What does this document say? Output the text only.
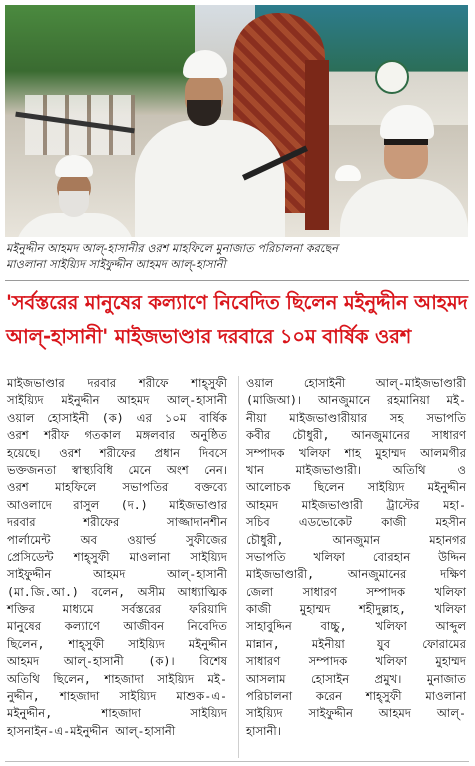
মইনুদ্দীন আহমদ আল্-হাসানীর ওরশ মাহফিলে মুনাজাত পরিচালনা করছেন
মাওলানা সাইয়্যিদ সাইফুদ্দীন আহমদ আল্-হাসানী
'সর্বস্তরের মানুষের কল্যাণে নিবেদিত ছিলেন মইনুদ্দীন আহমদ
আল্-হাসানী' মাইজভাণ্ডার দরবারে ১০ম বার্ষিক ওরশ
মাইজভাণ্ডার দরবার শরীফে শাহ্‌সুফী
সাইয়্যিদ মইনুদ্দীন আহমদ আল্-হাসানী
ওয়াল হোসাইনী (ক) এর ১০ম বার্ষিক
ওরশ শরীফ গতকাল মঙ্গলবার অনুষ্ঠিত
হয়েছে। ওরশ শরীফের প্রধান দিবসে
ভক্তজনতা স্বাস্থ্যবিধি মেনে অংশ নেন।
ওরশ মাহফিলে সভাপতির বক্তব্যে
আওলাদে রাসুল (দ.) মাইজভাণ্ডার
দরবার শরীফের সাজ্জাদানশীন
পার্লামেন্ট অব ওয়ার্ল্ড সুফীজের
প্রেসিডেন্ট শাহ্‌সুফী মাওলানা সাইয়্যিদ
সাইফুদ্দীন আহমদ আল্-হাসানী
(মা.জি.আ.) বলেন, অসীম আধ্যাত্মিক
শক্তির মাধ্যমে সর্বস্তরের ফরিয়াদি
মানুষের কল্যাণে আজীবন নিবেদিত
ছিলেন, শাহ্‌সুফী সাইয়্যিদ মইনুদ্দীন
আহমদ আল্-হাসানী (ক)। বিশেষ
অতিথি ছিলেন, শাহজাদা সাইয়্যিদ মই-
নুদ্দীন, শাহজাদা সাইয়্যিদ মাশুক-এ-
মইনুদ্দীন, শাহজাদা সাইয়্যিদ
হাসনাইন-এ-মইনুদ্দীন আল্-হাসানী
ওয়াল হোসাইনী আল্-মাইজভাণ্ডারী
(মাজিআ)। আনজুমানে রহমানিয়া মই-
নীয়া মাইজভাণ্ডারীয়ার সহ সভাপতি
কবীর চৌধুরী, আনজুমানের সাধারণ
সম্পাদক খলিফা শাহ মুহাম্মদ আলমগীর
খান মাইজভাণ্ডারী। অতিথি ও
আলোচক ছিলেন সাইয়্যিদ মইনুদ্দীন
আহমদ মাইজভাণ্ডারী ট্রাস্টের মহা-
সচিব এডভোকেট কাজী মহসীন
চৌধুরী, আনজুমান মহানগর
সভাপতি খলিফা বোরহান উদ্দিন
মাইজভাণ্ডারী, আনজুমানের দক্ষিণ
জেলা সাধারণ সম্পাদক খলিফা
কাজী মুহাম্মদ শহীদুল্লাহ, খলিফা
সাহাবুদ্দিন বাচ্চু, খলিফা আব্দুল
মান্নান, মইনীয়া যুব ফোরামের
সাধারণ সম্পাদক খলিফা মুহাম্মদ
আসলাম হোসাইন প্রমুখ। মুনাজাত
পরিচালনা করেন শাহ্‌সুফী মাওলানা
সাইয়্যিদ সাইফুদ্দীন আহমদ আল্-
হাসানী।
